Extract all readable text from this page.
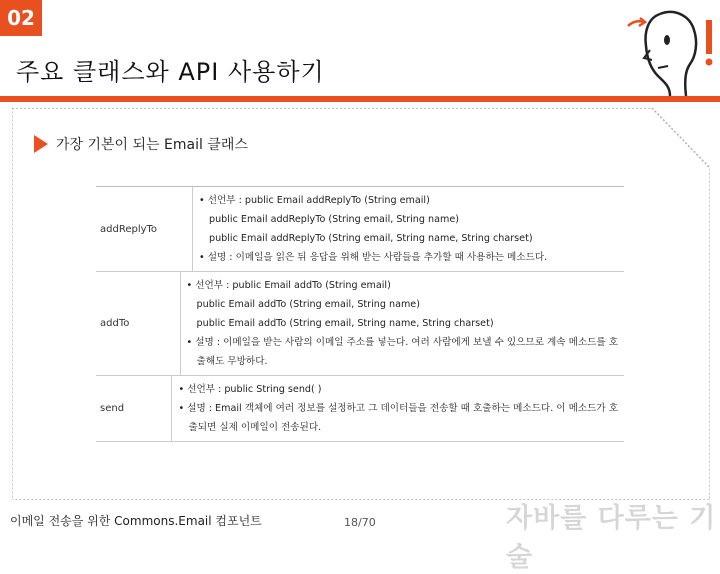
02
주요 클래스와 API 사용하기
가장 기본이 되는 Email 클래스
addReplyTo
• 선언부 : public Email addReplyTo (String email)
public Email addReplyTo (String email, String name)
public Email addReplyTo (String email, String name, String charset)
• 설명 : 이메일을 읽은 뒤 응답을 위해 받는 사람들을 추가할 때 사용하는 메소드다.
addTo
• 선언부 : public Email addTo (String email)
public Email addTo (String email, String name)
public Email addTo (String email, String name, String charset)
• 설명 : 이메일을 받는 사람의 이메일 주소를 넣는다. 여러 사람에게 보낼 수 있으므로 계속 메소드를 호
출해도 무방하다.
send
• 선언부 : public String send( )
• 설명 : Email 객체에 여러 정보를 설정하고 그 데이터들을 전송할 때 호출하는 메소드다. 이 메소드가 호
출되면 실제 이메일이 전송된다.
이메일 전송을 위한 Commons.Email 컴포넌트	18/70	자바를 다루는 기술
